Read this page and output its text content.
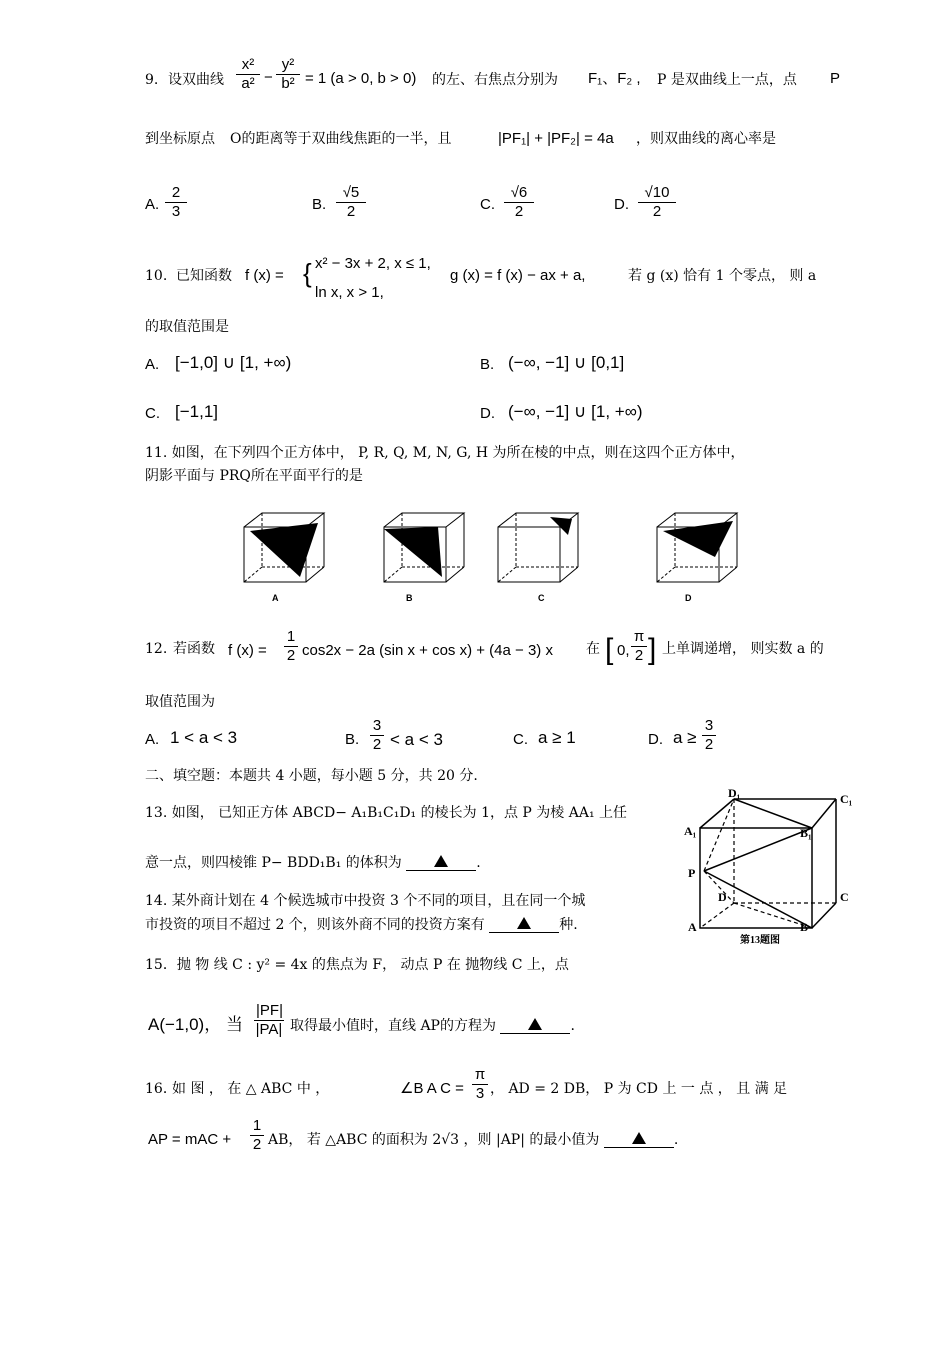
9. 设双曲线 $\frac{\text{x²}}{\text{a²}} - \frac{\text{y²}}{\text{b²}} = 1$ (a > 0, b > 0) 的左、右焦点分别为 F₁、F₂ , P 是双曲线上一点，点 P
到坐标原点 O的距离等于双曲线焦距的一半，且	|PF₁| + |PF₂| = 4a ，则双曲线的离心率是
A. $\frac{2}{3}$	B. $\frac{√5}{2}$	C. $\frac{√6}{2}$	D. $\frac{√10}{2}$
10. 已知函数 f (x) = { x² − 3x + 2, x ≤ 1,
ln x, x > 1,
g (x) = f (x) − ax + a,	若 g (x) 恰有 1 个零点， 则 a
的取值范围是
A. [−1,0] ∪ [1, +∞)	B. (−∞, −1] ∪ [0,1]
C. [−1,1]	D. (−∞, −1] ∪ [1, +∞)
11. 如图，在下列四个正方体中， P, R, Q, M, N, G, H 为所在棱的中点，则在这四个正方体中，
阴影平面与 PRQ所在平面平行的是
A	B	C	D
12. 若函数 f $(x) = \frac{1}{2} \cos 2x - 2a$ (sin x + cos x) + (4a − 3) x 在 [ 0, $\frac{\pi}{2}$ ] 上单调递增， 则实数 a 的
取值范围为
A. 1 < a < 3	B. $\frac{3}{2} < a < 3$	C. a ≥ 1	D. $a \ge \frac{3}{2}$
二、填空题：本题共 4 小题，每小题 5 分，共 20 分.
13. 如图， 已知正方体 ABCD− A₁B₁C₁D₁ 的棱长为 1，点 P 为棱 AA₁ 上任
意一点，则四棱锥 P− BDD₁B₁ 的体积为	.
D₁	C₁
A₁	B₁
P
D	C
A	B
第13题图
14. 某外商计划在 4 个候选城市中投资 3 个不同的项目，且在同一个城
市投资的项目不超过 2 个，则该外商不同的投资方案有	种.
15．抛 物 线 C : y² = 4x 的焦点为 F， 动点 P 在 抛物线 C 上，点
A(−1,0)， 当 $\frac{|PF|}{|PA|}$ 取得最小值时，直线 AP的方程为	.
16．
如 图 ， 在 △ ABC 中 ，	∠B A $C = \frac{\pi}{3}$ ， AD = 2 DB， P 为 CD 上 一 点 ， 且 满 足
AP = mAC + $\frac{1}{2}$ AB， 若 △ABC 的面积为 2√3 ，则 |AP| 的最小值为	.
